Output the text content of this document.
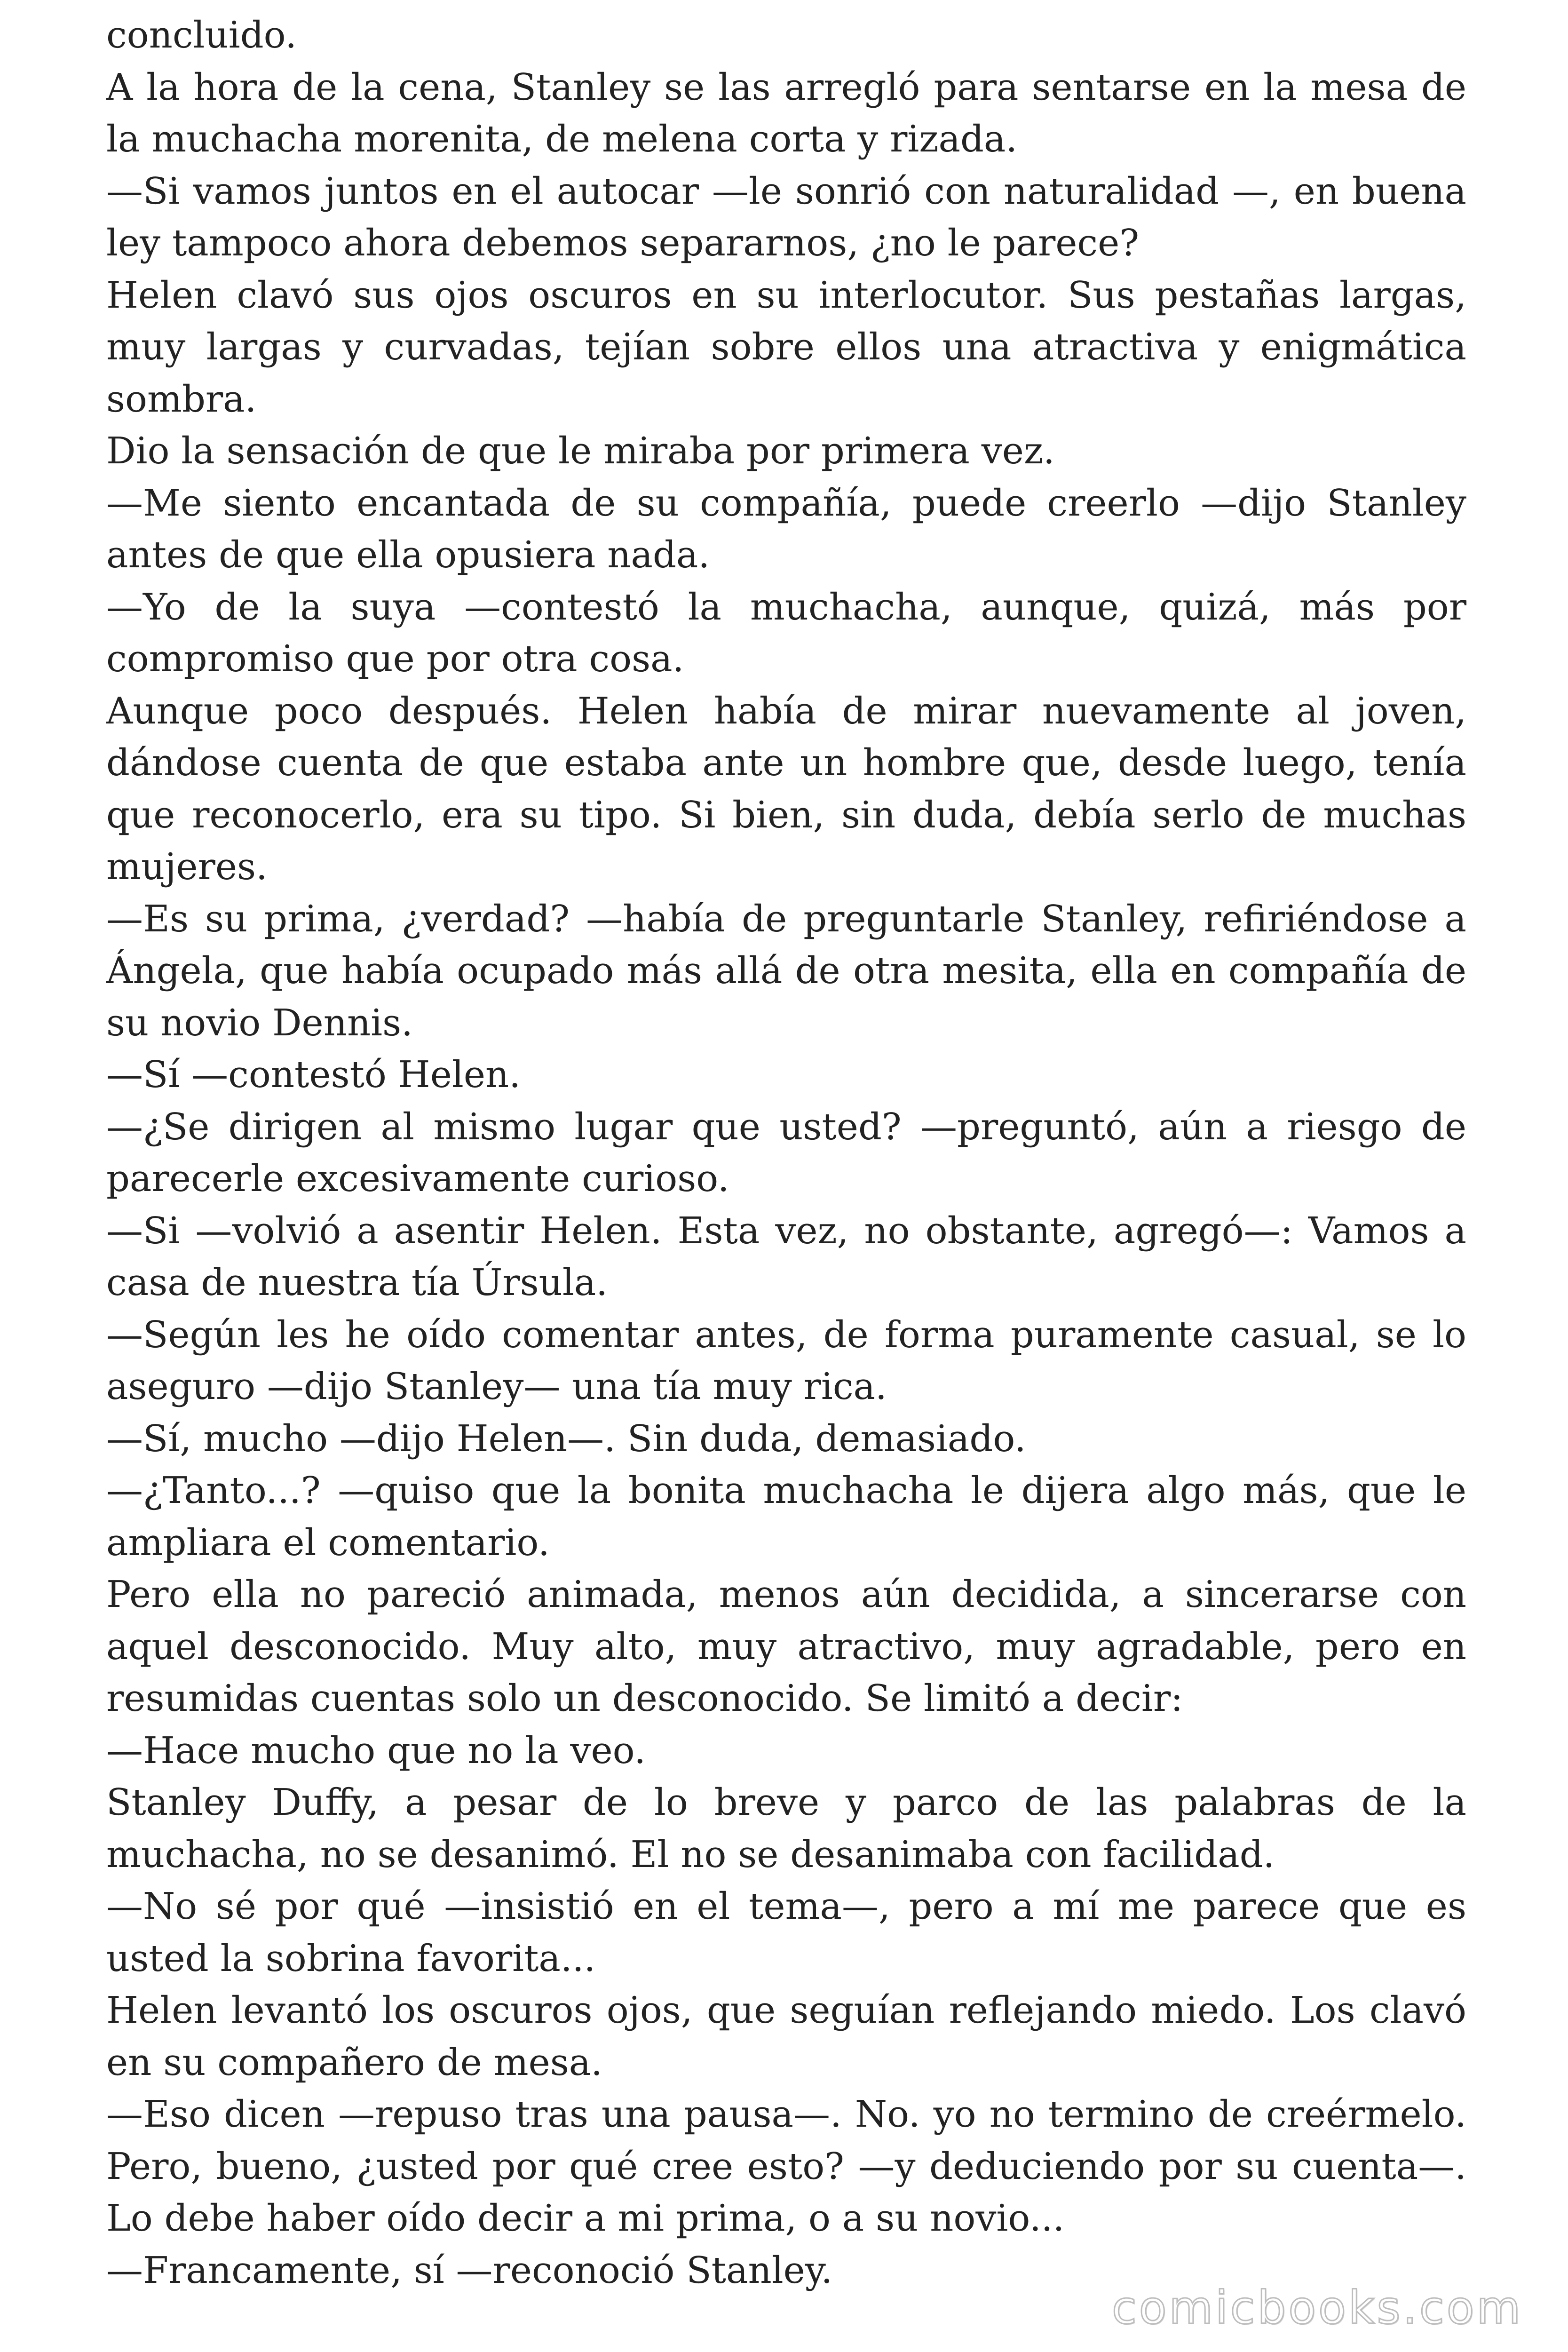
concluido.

A la hora de la cena, Stanley se las arregló para sentarse en la mesa de la muchacha morenita, de melena corta y rizada.

—Si vamos juntos en el autocar —le sonrió con naturalidad —, en buena ley tampoco ahora debemos separarnos, ¿no le parece?

Helen clavó sus ojos oscuros en su interlocutor. Sus pestañas largas, muy largas y curvadas, tejían sobre ellos una atractiva y enigmática sombra.

Dio la sensación de que le miraba por primera vez.

—Me siento encantada de su compañía, puede creerlo —dijo Stanley antes de que ella opusiera nada.

—Yo de la suya —contestó la muchacha, aunque, quizá, más por compromiso que por otra cosa.

Aunque poco después. Helen había de mirar nuevamente al joven, dándose cuenta de que estaba ante un hombre que, desde luego, tenía que reconocerlo, era su tipo. Si bien, sin duda, debía serlo de muchas mujeres.

—Es su prima, ¿verdad? —había de preguntarle Stanley, refiriéndose a Ángela, que había ocupado más allá de otra mesita, ella en compañía de su novio Dennis.

—Sí —contestó Helen.

—¿Se dirigen al mismo lugar que usted? —preguntó, aún a riesgo de parecerle excesivamente curioso.

—Si —volvió a asentir Helen. Esta vez, no obstante, agregó—: Vamos a casa de nuestra tía Úrsula.

—Según les he oído comentar antes, de forma puramente casual, se lo aseguro —dijo Stanley— una tía muy rica.

—Sí, mucho —dijo Helen—. Sin duda, demasiado.

—¿Tanto...? —quiso que la bonita muchacha le dijera algo más, que le ampliara el comentario.

Pero ella no pareció animada, menos aún decidida, a sincerarse con aquel desconocido. Muy alto, muy atractivo, muy agradable, pero en resumidas cuentas solo un desconocido. Se limitó a decir:

—Hace mucho que no la veo.

Stanley Duffy, a pesar de lo breve y parco de las palabras de la muchacha, no se desanimó. El no se desanimaba con facilidad.

—No sé por qué —insistió en el tema—, pero a mí me parece que es usted la sobrina favorita...

Helen levantó los oscuros ojos, que seguían reflejando miedo. Los clavó en su compañero de mesa.

—Eso dicen —repuso tras una pausa—. No. yo no termino de creérmelo. Pero, bueno, ¿usted por qué cree esto? —y deduciendo por su cuenta—. Lo debe haber oído decir a mi prima, o a su novio...

—Francamente, sí —reconoció Stanley.

comicbooks.com
